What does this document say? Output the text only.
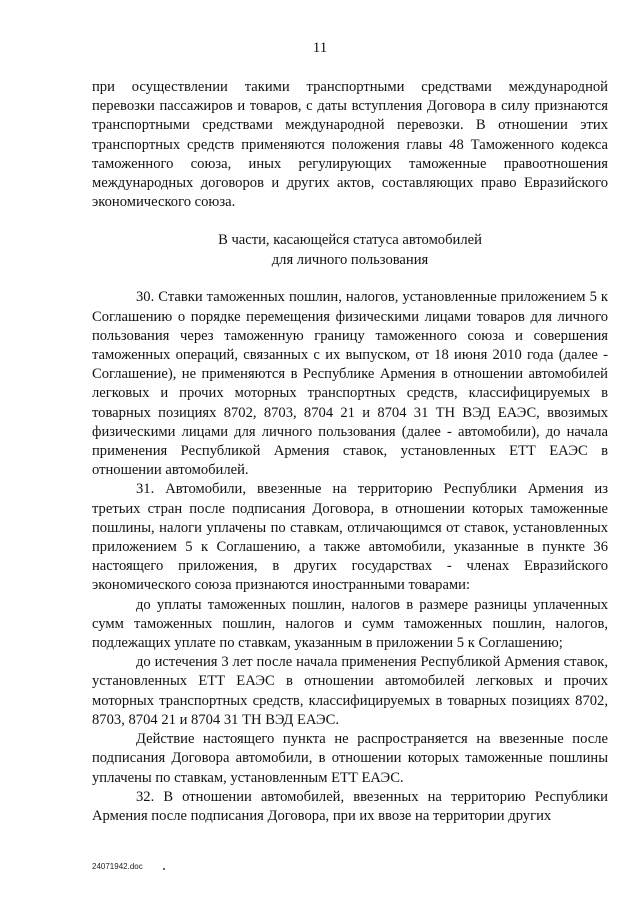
11

при осуществлении такими транспортными средствами международной перевозки пассажиров и товаров, с даты вступления Договора в силу признаются транспортными средствами международной перевозки. В отношении этих транспортных средств применяются положения главы 48 Таможенного кодекса таможенного союза, иных регулирующих таможенные правоотношения международных договоров и других актов, составляющих право Евразийского экономического союза.

В части, касающейся статуса автомобилей
для личного пользования

30. Ставки таможенных пошлин, налогов, установленные приложением 5 к Соглашению о порядке перемещения физическими лицами товаров для личного пользования через таможенную границу таможенного союза и совершения таможенных операций, связанных с их выпуском, от 18 июня 2010 года (далее - Соглашение), не применяются в Республике Армения в отношении автомобилей легковых и прочих моторных транспортных средств, классифицируемых в товарных позициях 8702, 8703, 8704 21 и 8704 31 ТН ВЭД ЕАЭС, ввозимых физическими лицами для личного пользования (далее - автомобили), до начала применения Республикой Армения ставок, установленных ЕТТ ЕАЭС в отношении автомобилей.

31. Автомобили, ввезенные на территорию Республики Армения из третьих стран после подписания Договора, в отношении которых таможенные пошлины, налоги уплачены по ставкам, отличающимся от ставок, установленных приложением 5 к Соглашению, а также автомобили, указанные в пункте 36 настоящего приложения, в других государствах - членах Евразийского экономического союза признаются иностранными товарами:

до уплаты таможенных пошлин, налогов в размере разницы уплаченных сумм таможенных пошлин, налогов и сумм таможенных пошлин, налогов, подлежащих уплате по ставкам, указанным в приложении 5 к Соглашению;

до истечения 3 лет после начала применения Республикой Армения ставок, установленных ЕТТ ЕАЭС в отношении автомобилей легковых и прочих моторных транспортных средств, классифицируемых в товарных позициях 8702, 8703, 8704 21 и 8704 31 ТН ВЭД ЕАЭС.

Действие настоящего пункта не распространяется на ввезенные после подписания Договора автомобили, в отношении которых таможенные пошлины уплачены по ставкам, установленным ЕТТ ЕАЭС.

32. В отношении автомобилей, ввезенных на территорию Республики Армения после подписания Договора, при их ввозе на территории других

24071942.doc
